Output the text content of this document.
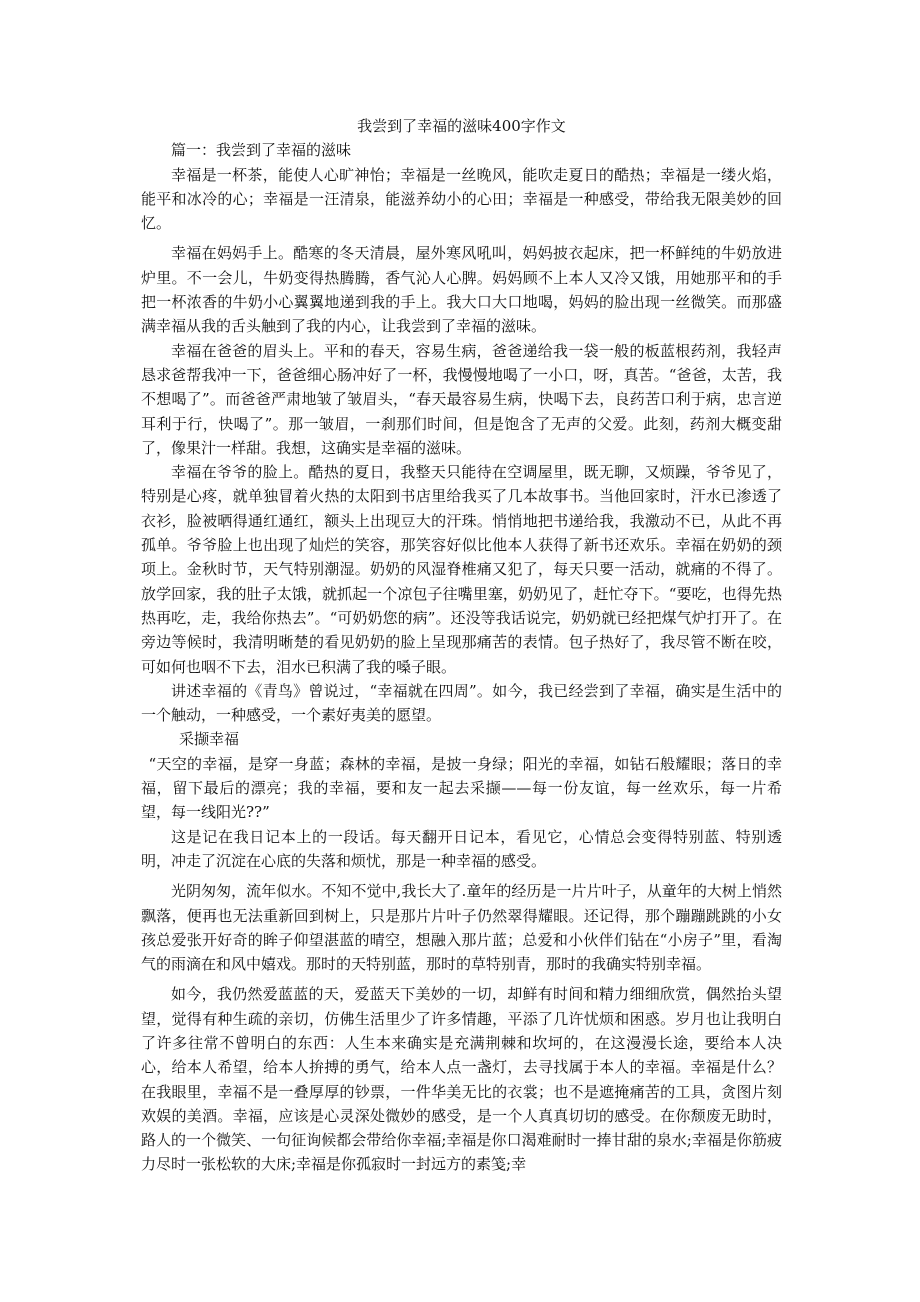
我尝到了幸福的滋味400字作文

篇一：我尝到了幸福的滋味

幸福是一杯茶，能使人心旷神怡；幸福是一丝晚风，能吹走夏日的酷热；幸福是一缕火焰，能平和冰冷的心；幸福是一汪清泉，能滋养幼小的心田；幸福是一种感受，带给我无限美妙的回忆。

幸福在妈妈手上。酷寒的冬天清晨，屋外寒风吼叫，妈妈披衣起床，把一杯鲜纯的牛奶放进炉里。不一会儿，牛奶变得热腾腾，香气沁人心脾。妈妈顾不上本人又冷又饿，用她那平和的手把一杯浓香的牛奶小心翼翼地递到我的手上。我大口大口地喝，妈妈的脸出现一丝微笑。而那盛满幸福从我的舌头触到了我的内心，让我尝到了幸福的滋味。

幸福在爸爸的眉头上。平和的春天，容易生病，爸爸递给我一袋一般的板蓝根药剂，我轻声恳求爸帮我冲一下，爸爸细心肠冲好了一杯，我慢慢地喝了一小口，呀，真苦。“爸爸，太苦，我不想喝了”。而爸爸严肃地皱了皱眉头，“春天最容易生病，快喝下去，良药苦口利于病，忠言逆耳利于行，快喝了”。那一皱眉，一刹那们时间，但是饱含了无声的父爱。此刻，药剂大概变甜了，像果汁一样甜。我想，这确实是幸福的滋味。

幸福在爷爷的脸上。酷热的夏日，我整天只能待在空调屋里，既无聊，又烦躁，爷爷见了，特别是心疼，就单独冒着火热的太阳到书店里给我买了几本故事书。当他回家时，汗水已渗透了衣衫，脸被晒得通红通红，额头上出现豆大的汗珠。悄悄地把书递给我，我激动不已，从此不再孤单。爷爷脸上也出现了灿烂的笑容，那笑容好似比他本人获得了新书还欢乐。幸福在奶奶的颈项上。金秋时节，天气特别潮湿。奶奶的风湿脊椎痛又犯了，每天只要一活动，就痛的不得了。放学回家，我的肚子太饿，就抓起一个凉包子往嘴里塞，奶奶见了，赶忙夺下。“要吃，也得先热热再吃，走，我给你热去”。“可奶奶您的病”。还没等我话说完，奶奶就已经把煤气炉打开了。在旁边等候时，我清明晰楚的看见奶奶的脸上呈现那痛苦的表情。包子热好了，我尽管不断在咬，可如何也咽不下去，泪水已积满了我的嗓子眼。

讲述幸福的《青鸟》曾说过，“幸福就在四周”。如今，我已经尝到了幸福，确实是生活中的一个触动，一种感受，一个素好夷美的愿望。

采撷幸福

“天空的幸福，是穿一身蓝；森林的幸福，是披一身绿；阳光的幸福，如钻石般耀眼；落日的幸福，留下最后的漂亮；我的幸福，要和友一起去采撷——每一份友谊，每一丝欢乐，每一片希望，每一线阳光??”

这是记在我日记本上的一段话。每天翻开日记本，看见它，心情总会变得特别蓝、特别透明，冲走了沉淀在心底的失落和烦忧，那是一种幸福的感受。

光阴匆匆，流年似水。不知不觉中,我长大了.童年的经历是一片片叶子，从童年的大树上悄然飘落，便再也无法重新回到树上，只是那片片叶子仍然翠得耀眼。还记得，那个蹦蹦跳跳的小女孩总爱张开好奇的眸子仰望湛蓝的晴空，想融入那片蓝；总爱和小伙伴们钻在“小房子”里，看淘气的雨滴在和风中嬉戏。那时的天特别蓝，那时的草特别青，那时的我确实特别幸福。

如今，我仍然爱蓝蓝的天，爱蓝天下美妙的一切，却鲜有时间和精力细细欣赏，偶然抬头望望，觉得有种生疏的亲切，仿佛生活里少了许多情趣，平添了几许忧烦和困惑。岁月也让我明白了许多往常不曾明白的东西：人生本来确实是充满荆棘和坎坷的，在这漫漫长途，要给本人决心，给本人希望，给本人拚搏的勇气，给本人点一盏灯，去寻找属于本人的幸福。幸福是什么？在我眼里，幸福不是一叠厚厚的钞票，一件华美无比的衣裳；也不是遮掩痛苦的工具，贪图片刻欢娱的美酒。幸福，应该是心灵深处微妙的感受，是一个人真真切切的感受。在你颓废无助时，路人的一个微笑、一句征询候都会带给你幸福;幸福是你口渴难耐时一捧甘甜的泉水;幸福是你筋疲力尽时一张松软的大床;幸福是你孤寂时一封远方的素笺;幸
